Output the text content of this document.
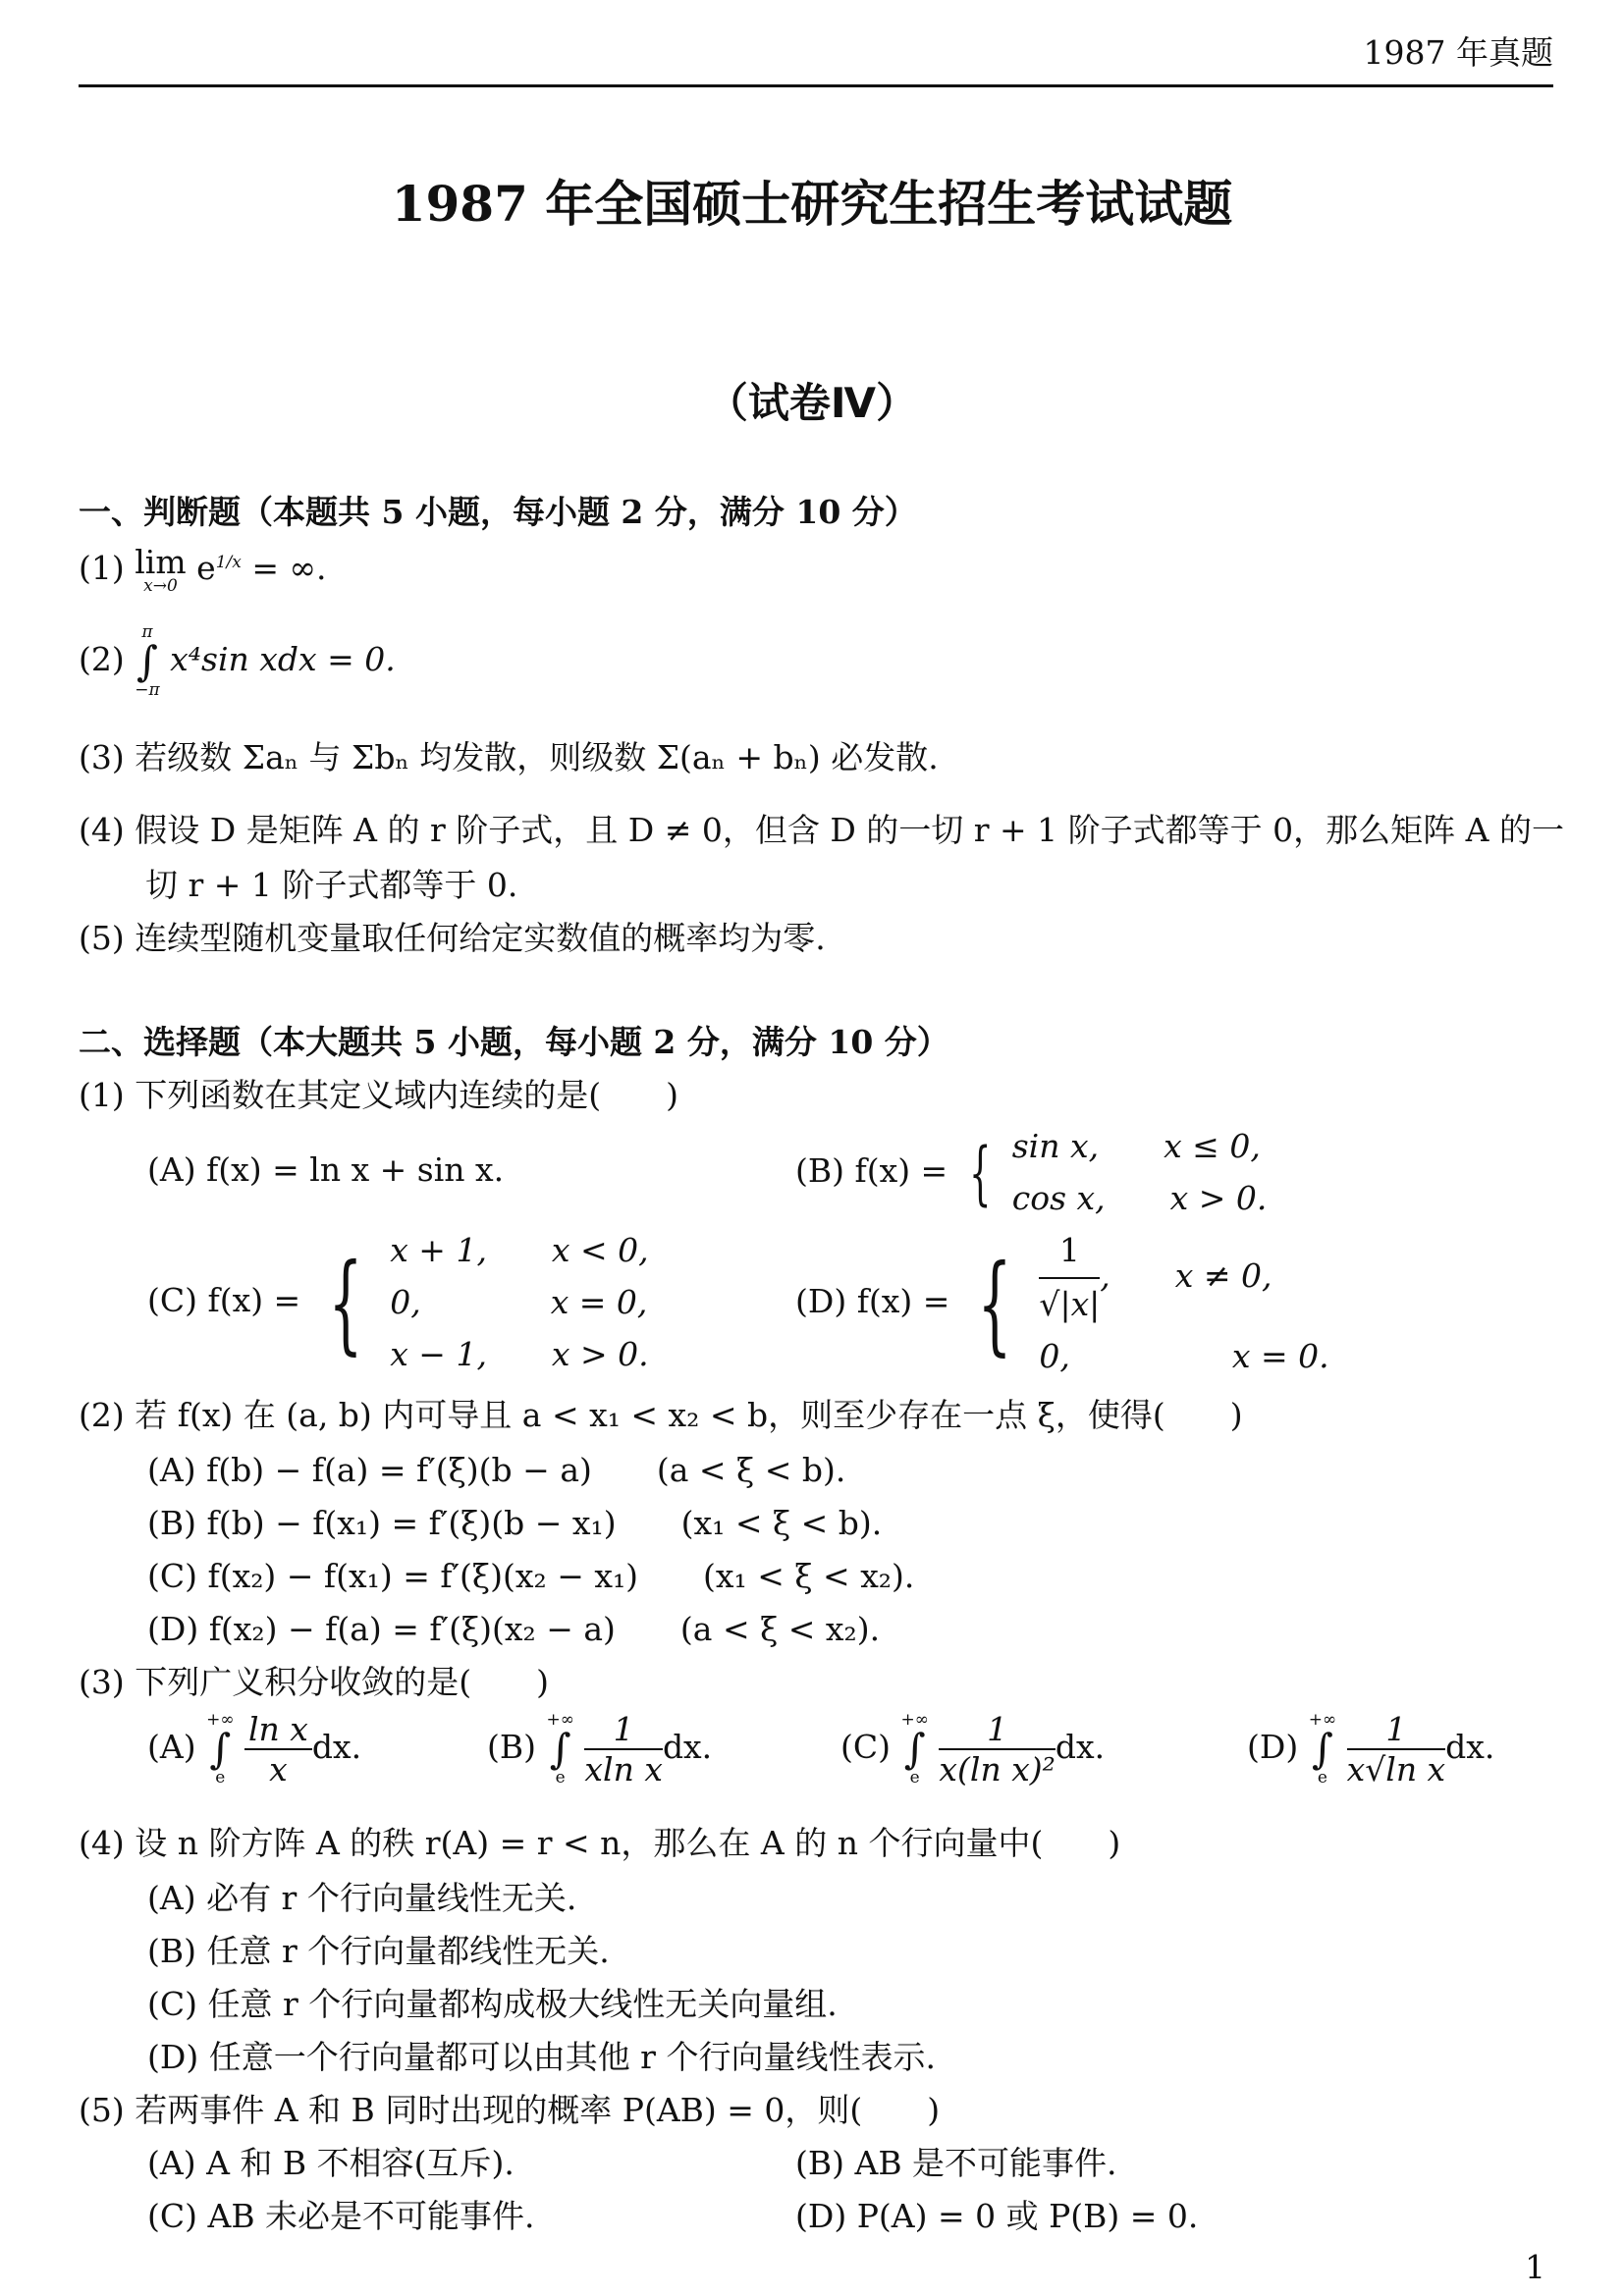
1987 年真题
1987 年全国硕士研究生招生考试试题
（试卷Ⅳ）
一、判断题（本题共 5 小题，每小题 2 分，满分 10 分）
(1) lim
x→0 $e^{1/x}$ = ∞.
(2)
π
∫
−π
x⁴sin xdx = 0.
(3) 若级数 Σaₙ 与 Σbₙ 均发散，则级数 Σ(aₙ + bₙ) 必发散.
(4) 假设 D 是矩阵 A 的 r 阶子式，且 D ≠ 0，但含 D 的一切 r + 1 阶子式都等于 0，那么矩阵 A 的一
切 r + 1 阶子式都等于 0.
(5) 连续型随机变量取任何给定实数值的概率均为零.
二、选择题（本大题共 5 小题，每小题 2 分，满分 10 分）
(1) 下列函数在其定义域内连续的是(　　)
(A) f(x) = ln x + sin x.	(B) f(x) = { sin x,　　x ≤ 0,
cos x,　　x > 0.
(C) f(x) = { x + 1,　　x < 0,
0,　　　　x = 0,
x − 1,　　x > 0.
(D) f(x) = { $\frac{1}{√|x|}$ ,　　x ≠ 0,
0,　　　　　x = 0.
(2) 若 f(x) 在 (a, b) 内可导且 a < x₁ < x₂ < b，则至少存在一点 ξ，使得(　　)
(A) f(b) − f(a) = f′(ξ)(b − a)　　(a < ξ < b).
(B) f(b) − f(x₁) = f′(ξ)(b − x₁)　　(x₁ < ξ < b).
(C) f(x₂) − f(x₁) = f′(ξ)(x₂ − x₁)　　(x₁ < ξ < x₂).
(D) f(x₂) − f(a) = f′(ξ)(x₂ − a)　　(a < ξ < x₂).
(3) 下列广义积分收敛的是(　　)
(A)
+∞
∫
e
$\frac{\text{ln x}}{x}$ dx.	(B)
+∞
∫
e
$\frac{1}{\text{xln x}}$ dx.	(C)
+∞
∫
e
$\frac{1}{\text{x(ln x)²}}$ dx.	(D)
+∞
∫
e
$\frac{1}{\text{x√ln x}}$ dx.
(4) 设 n 阶方阵 A 的秩 r(A) = r < n，那么在 A 的 n 个行向量中(　　)
(A) 必有 r 个行向量线性无关.
(B) 任意 r 个行向量都线性无关.
(C) 任意 r 个行向量都构成极大线性无关向量组.
(D) 任意一个行向量都可以由其他 r 个行向量线性表示.
(5) 若两事件 A 和 B 同时出现的概率 P(AB) = 0，则(　　)
(A) A 和 B 不相容(互斥).	(B) AB 是不可能事件.
(C) AB 未必是不可能事件.	(D) P(A) = 0 或 P(B) = 0.
1
